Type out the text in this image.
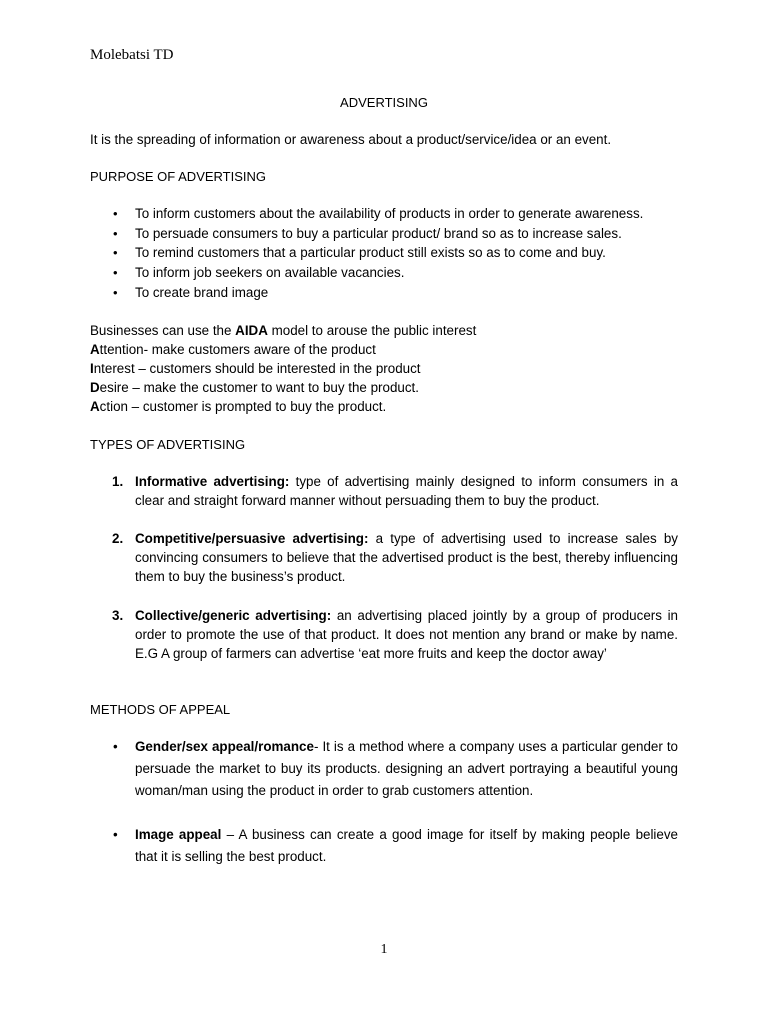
Molebatsi TD

ADVERTISING

It is the spreading of information or awareness about a product/service/idea or an event.

PURPOSE OF ADVERTISING

• To inform customers about the availability of products in order to generate awareness.
• To persuade consumers to buy a particular product/ brand so as to increase sales.
• To remind customers that a particular product still exists so as to come and buy.
• To inform job seekers on available vacancies.
• To create brand image

Businesses can use the AIDA model to arouse the public interest

Attention- make customers aware of the product

Interest – customers should be interested in the product

Desire – make the customer to want to buy the product.

Action – customer is prompted to buy the product.

TYPES OF ADVERTISING

1. Informative advertising: type of advertising mainly designed to inform consumers in a clear and straight forward manner without persuading them to buy the product.
2. Competitive/persuasive advertising: a type of advertising used to increase sales by convincing consumers to believe that the advertised product is the best, thereby influencing them to buy the business’s product.
3. Collective/generic advertising: an advertising placed jointly by a group of producers in order to promote the use of that product. It does not mention any brand or make by name. E.G A group of farmers can advertise ‘eat more fruits and keep the doctor away’

METHODS OF APPEAL

• Gender/sex appeal/romance- It is a method where a company uses a particular gender to persuade the market to buy its products. designing an advert portraying a beautiful young woman/man using the product in order to grab customers attention.
• Image appeal – A business can create a good image for itself by making people believe that it is selling the best product.
1
